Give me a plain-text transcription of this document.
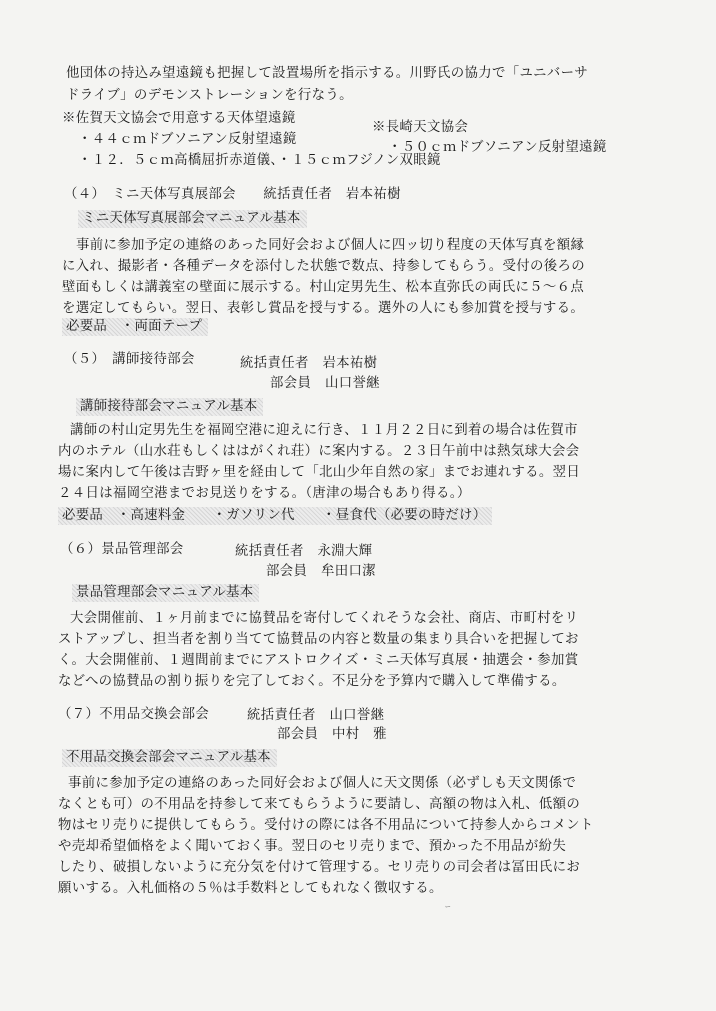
他団体の持込み望遠鏡も把握して設置場所を指示する。川野氏の協力で「ユニバーサ
ドライブ」のデモンストレーションを行なう。
※佐賀天文協会で用意する天体望遠鏡
※長崎天文協会
・４４ｃｍドブソニアン反射望遠鏡
・５０ｃｍドブソニアン反射望遠鏡
・１２．５ｃｍ高橋屈折赤道儀、・１５ｃｍフジノン双眼鏡
（４）　ミニ天体写真展部会　　統括責任者　岩本祐樹
ミニ天体写真展部会マニュアル基本
事前に参加予定の連絡のあった同好会および個人に四ッ切り程度の天体写真を額縁
に入れ、撮影者・各種データを添付した状態で数点、持参してもらう。受付の後ろの
壁面もしくは講義室の壁面に展示する。村山定男先生、松本直弥氏の両氏に５〜６点
を選定してもらい。翌日、表彰し賞品を授与する。選外の人にも参加賞を授与する。
必要品　・両面テープ
（５）　講師接待部会	統括責任者　岩本祐樹
部会員　山口誉継
講師接待部会マニュアル基本
講師の村山定男先生を福岡空港に迎えに行き、１１月２２日に到着の場合は佐賀市
内のホテル（山水荘もしくははがくれ荘）に案内する。２３日午前中は熱気球大会会
場に案内して午後は吉野ヶ里を経由して「北山少年自然の家」までお連れする。翌日
２４日は福岡空港までお見送りをする。（唐津の場合もあり得る。）
必要品　・高速料金　　・ガソリン代　　・昼食代（必要の時だけ）
（６）景品管理部会	統括責任者　永淵大輝
部会員　牟田口潔
景品管理部会マニュアル基本
大会開催前、１ヶ月前までに協賛品を寄付してくれそうな会社、商店、市町村をリ
ストアップし、担当者を割り当てて協賛品の内容と数量の集まり具合いを把握してお
く。大会開催前、１週間前までにアストロクイズ・ミニ天体写真展・抽選会・参加賞
などへの協賛品の割り振りを完了しておく。不足分を予算内で購入して準備する。
（７）不用品交換会部会	統括責任者　山口誉継
部会員　中村　雅
不用品交換会部会マニュアル基本
事前に参加予定の連絡のあった同好会および個人に天文関係（必ずしも天文関係で
なくとも可）の不用品を持参して来てもらうように要請し、高額の物は入札、低額の
物はセリ売りに提供してもらう。受付けの際には各不用品について持参人からコメント
や売却希望価格をよく聞いておく事。翌日のセリ売りまで、預かった不用品が紛失
したり、破損しないように充分気を付けて管理する。セリ売りの司会者は冨田氏にお
願いする。入札価格の５％は手数料としてもれなく徴収する。
ｰ
